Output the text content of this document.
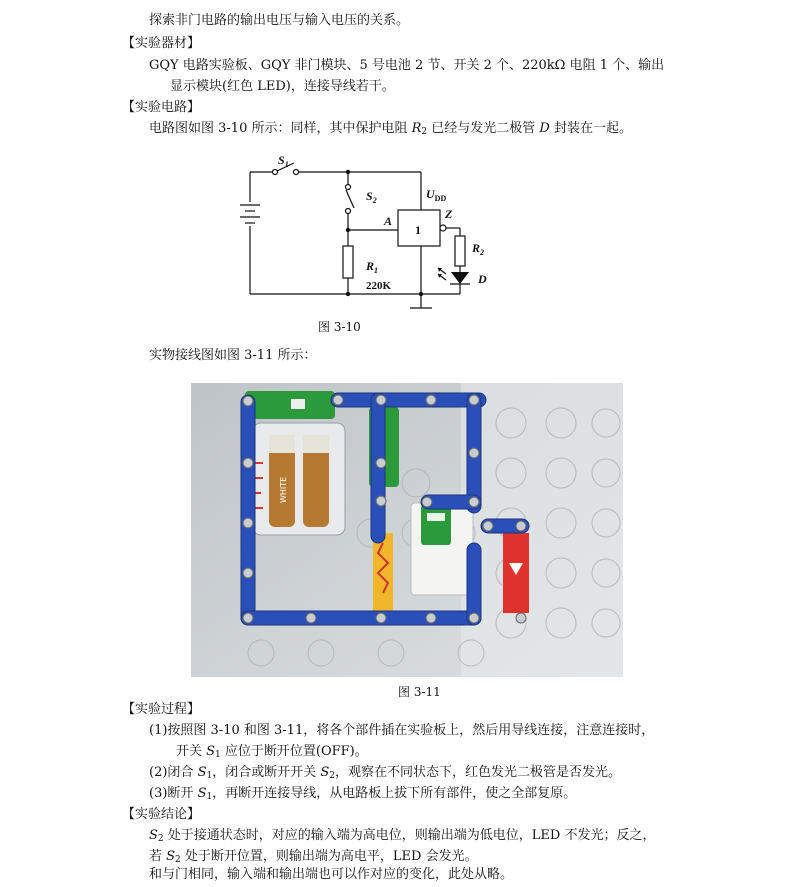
探索非门电路的输出电压与输入电压的关系。
【实验器材】
GQY 电路实验板、GQY 非门模块、5 号电池 2 节、开关 2 个、220kΩ 电阻 1 个、输出
显示模块(红色 LED)，连接导线若干。
【实验电路】
电路图如图 3-10 所示：同样，其中保护电阻 $R_2$ 已经与发光二极管 D 封装在一起。
$S_1$
$S_2$	$U_{DD}$
A	Z
$R_1$
$R_2$
D
1
220K
图 3-10
实物接线图如图 3-11 所示：
WHITE
图 3-11
【实验过程】
(1)按照图 3-10 和图 3-11，将各个部件插在实验板上，然后用导线连接，注意连接时，
开关 $S_1$ 应位于断开位置(OFF)。
(2)闭合 $S_1$，闭合或断开开关 $S_2$，观察在不同状态下，红色发光二极管是否发光。
(3)断开 $S_1$，再断开连接导线，从电路板上拔下所有部件，使之全部复原。
【实验结论】
$S_2$ 处于接通状态时，对应的输入端为高电位，则输出端为低电位，LED 不发光；反之，
若 $S_2$ 处于断开位置，则输出端为高电平，LED 会发光。
和与门相同，输入端和输出端也可以作对应的变化，此处从略。
